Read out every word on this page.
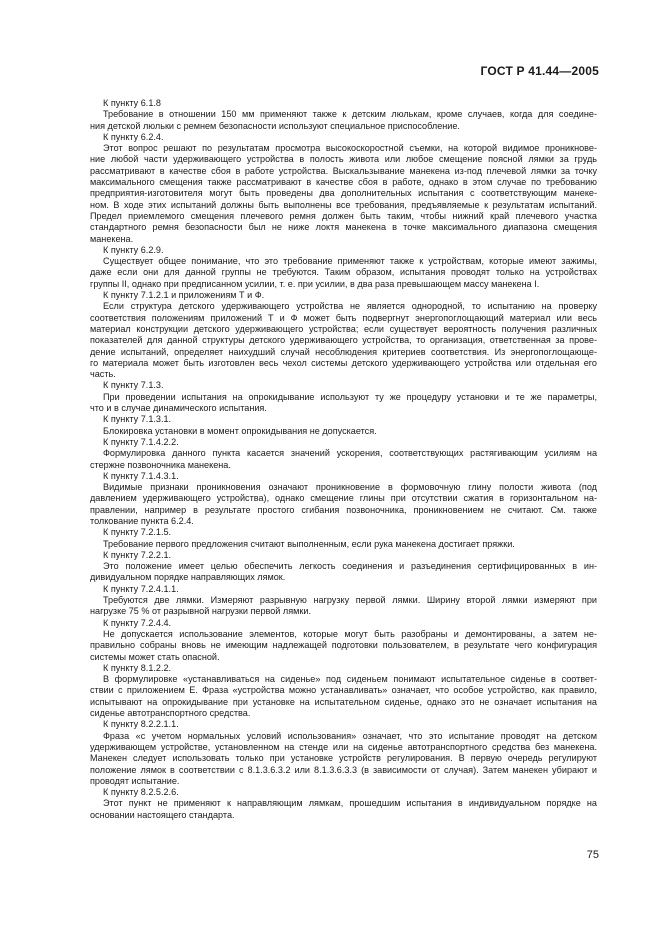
ГОСТ Р 41.44—2005

К пункту 6.1.8

Требование в отношении 150 мм применяют также к детским люлькам, кроме случаев, когда для соедине-
ния детской люльки с ремнем безопасности используют специальное приспособление.

К пункту 6.2.4.

Этот вопрос решают по результатам просмотра высокоскоростной съемки, на которой видимое проникнове-
ние любой части удерживающего устройства в полость живота или любое смещение поясной лямки за грудь
рассматривают в качестве сбоя в работе устройства. Выскальзывание манекена из-под плечевой лямки за точку
максимального смещения также рассматривают в качестве сбоя в работе, однако в этом случае по требованию
предприятия-изготовителя могут быть проведены два дополнительных испытания с соответствующим манеке-
ном. В ходе этих испытаний должны быть выполнены все требования, предъявляемые к результатам испытаний.
Предел приемлемого смещения плечевого ремня должен быть таким, чтобы нижний край плечевого участка
стандартного ремня безопасности был не ниже локтя манекена в точке максимального диапазона смещения
манекена.

К пункту 6.2.9.

Существует общее понимание, что это требование применяют также к устройствам, которые имеют зажимы,
даже если они для данной группы не требуются. Таким образом, испытания проводят только на устройствах
группы II, однако при предписанном усилии, т. е. при усилии, в два раза превышающем массу манекена I.

К пункту 7.1.2.1 и приложениям Т и Ф.

Если структура детского удерживающего устройства не является однородной, то испытанию на проверку
соответствия положениям приложений Т и Ф может быть подвергнут энергопоглощающий материал или весь
материал конструкции детского удерживающего устройства; если существует вероятность получения различных
показателей для данной структуры детского удерживающего устройства, то организация, ответственная за прове-
дение испытаний, определяет наихудший случай несоблюдения критериев соответствия. Из энергопоглощающе-
го материала может быть изготовлен весь чехол системы детского удерживающего устройства или отдельная его
часть.

К пункту 7.1.3.

При проведении испытания на опрокидывание используют ту же процедуру установки и те же параметры,
что и в случае динамического испытания.

К пункту 7.1.3.1.

Блокировка установки в момент опрокидывания не допускается.

К пункту 7.1.4.2.2.

Формулировка данного пункта касается значений ускорения, соответствующих растягивающим усилиям на
стержне позвоночника манекена.

К пункту 7.1.4.3.1.

Видимые признаки проникновения означают проникновение в формовочную глину полости живота (под
давлением удерживающего устройства), однако смещение глины при отсутствии сжатия в горизонтальном на-
правлении, например в результате простого сгибания позвоночника, проникновением не считают. См. также
толкование пункта 6.2.4.

К пункту 7.2.1.5.

Требование первого предложения считают выполненным, если рука манекена достигает пряжки.

К пункту 7.2.2.1.

Это положение имеет целью обеспечить легкость соединения и разъединения сертифицированных в ин-
дивидуальном порядке направляющих лямок.

К пункту 7.2.4.1.1.

Требуются две лямки. Измеряют разрывную нагрузку первой лямки. Ширину второй лямки измеряют при
нагрузке 75 % от разрывной нагрузки первой лямки.

К пункту 7.2.4.4.

Не допускается использование элементов, которые могут быть разобраны и демонтированы, а затем не-
правильно собраны вновь не имеющим надлежащей подготовки пользователем, в результате чего конфигурация
системы может стать опасной.

К пункту 8.1.2.2.

В формулировке «устанавливаться на сиденье» под сиденьем понимают испытательное сиденье в соответ-
ствии с приложением Е. Фраза «устройства можно устанавливать» означает, что особое устройство, как правило,
испытывают на опрокидывание при установке на испытательном сиденье, однако это не означает испытания на
сиденье автотранспортного средства.

К пункту 8.2.2.1.1.

Фраза «с учетом нормальных условий использования» означает, что это испытание проводят на детском
удерживающем устройстве, установленном на стенде или на сиденье автотранспортного средства без манекена.
Манекен следует использовать только при установке устройств регулирования. В первую очередь регулируют
положение лямок в соответствии с 8.1.3.6.3.2 или 8.1.3.6.3.3 (в зависимости от случая). Затем манекен убирают и
проводят испытание.

К пункту 8.2.5.2.6.

Этот пункт не применяют к направляющим лямкам, прошедшим испытания в индивидуальном порядке на
основании настоящего стандарта.
75
